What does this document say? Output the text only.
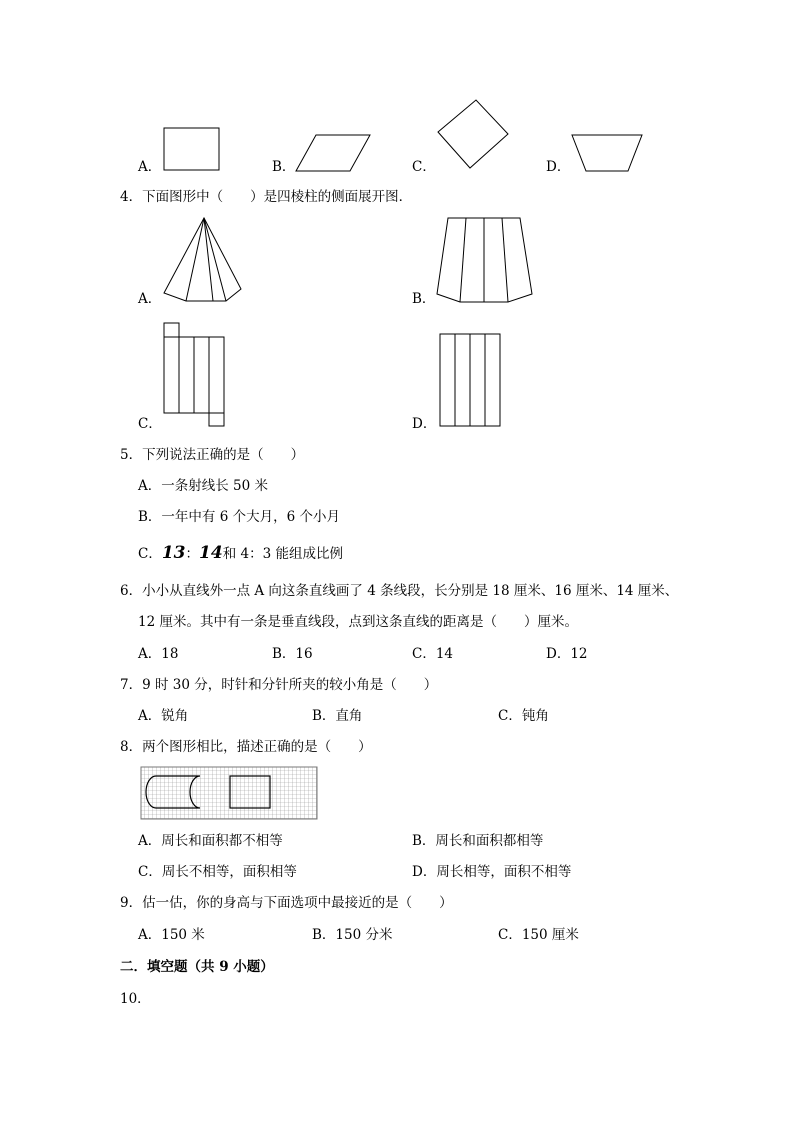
A．	B．	C．	D．
4．下面图形中（　　）是四棱柱的侧面展开图．
A．	B．
C．	D．
5．下列说法正确的是（　　）
A．一条射线长 50 米
B．一年中有 6 个大月，6 个小月
C．13：14和 4：3 能组成比例
6．小小从直线外一点 A 向这条直线画了 4 条线段，长分别是 18 厘米、16 厘米、14 厘米、
12 厘米。其中有一条是垂直线段，点到这条直线的距离是（　　）厘米。
A．18	B．16	C．14	D．12
7．9 时 30 分，时针和分针所夹的较小角是（　　）
A．锐角	B．直角	C．钝角
8．两个图形相比，描述正确的是（　　）
A．周长和面积都不相等	B．周长和面积都相等
C．周长不相等，面积相等	D．周长相等，面积不相等
9．估一估，你的身高与下面选项中最接近的是（　　）
A．150 米	B．150 分米	C．150 厘米
二．填空题（共 9 小题）
10．
